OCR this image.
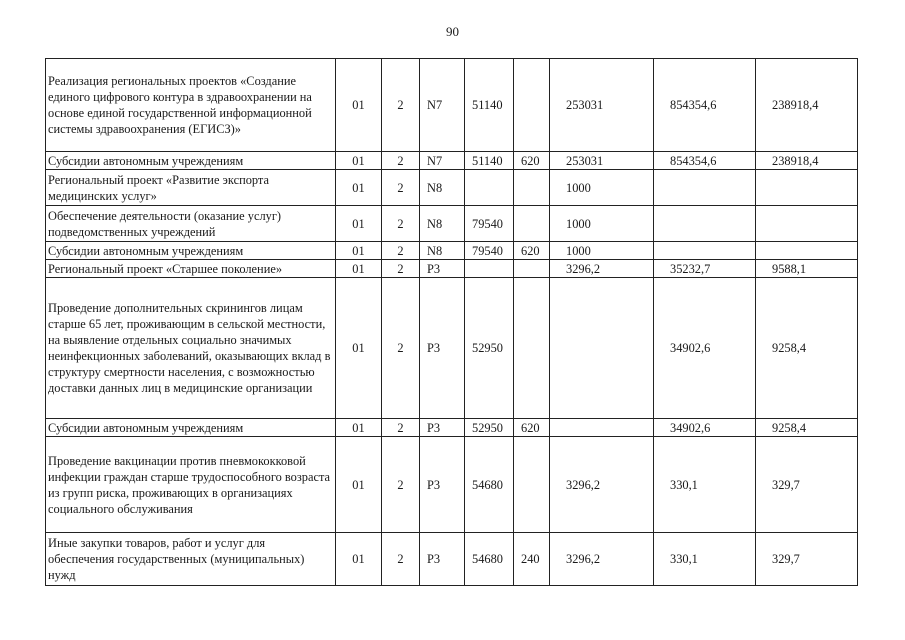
90
Реализация региональных проектов «Создание единого цифрового контура в здравоохранении на основе единой государственной информационной системы здравоохранения (ЕГИСЗ)»	01	2	N7	51140		253031	854354,6	238918,4
Субсидии автономным учреждениям	01	2	N7	51140	620	253031	854354,6	238918,4
Региональный проект «Развитие экспорта медицинских услуг»	01	2	N8			1000		
Обеспечение деятельности (оказание услуг) подведомственных учреждений	01	2	N8	79540		1000		
Субсидии автономным учреждениям	01	2	N8	79540	620	1000		
Региональный проект «Старшее поколение»	01	2	P3			3296,2	35232,7	9588,1
Проведение дополнительных скринингов лицам старше 65 лет, проживающим в сельской местности, на выявление отдельных социально значимых неинфекционных заболеваний, оказывающих вклад в структуру смертности населения, с возможностью доставки данных лиц в медицинские организации	01	2	P3	52950			34902,6	9258,4
Субсидии автономным учреждениям	01	2	P3	52950	620		34902,6	9258,4
Проведение вакцинации против пневмококковой инфекции граждан старше трудоспособного возраста из групп риска, проживающих в организациях социального обслуживания	01	2	P3	54680		3296,2	330,1	329,7
Иные закупки товаров, работ и услуг для обеспечения государственных (муниципальных) нужд	01	2	P3	54680	240	3296,2	330,1	329,7
